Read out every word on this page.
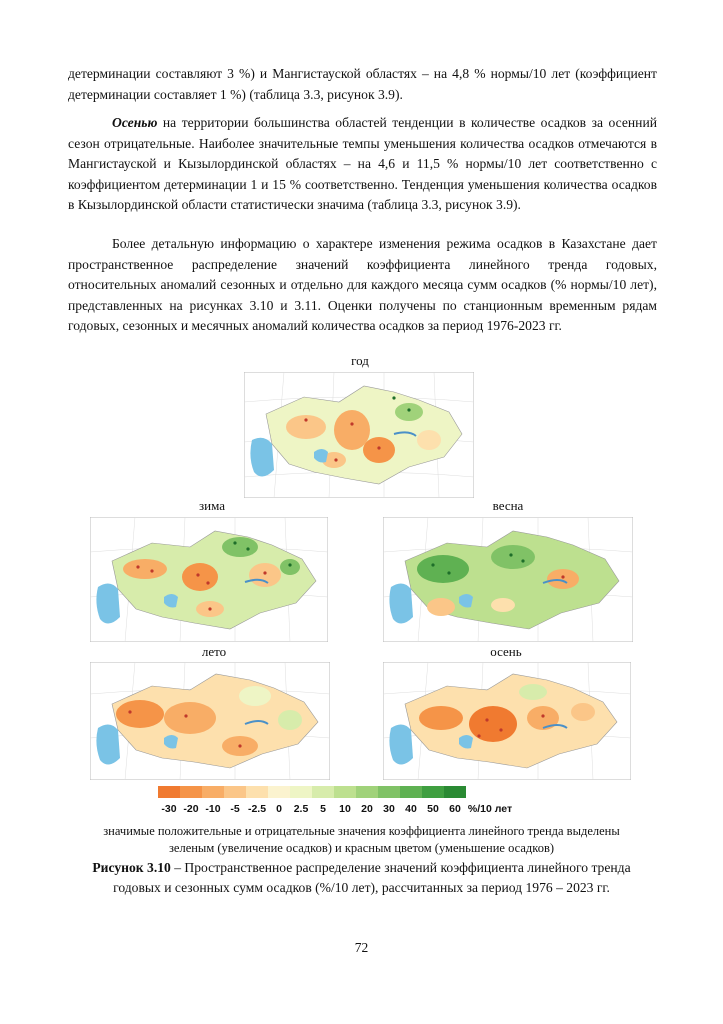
детерминации составляют 3 %) и Мангистауской областях – на 4,8 % нормы/10 лет (коэффициент детерминации составляет 1 %) (таблица 3.3, рисунок 3.9).

Осенью на территории большинства областей тенденции в количестве осадков за осенний сезон отрицательные. Наиболее значительные темпы уменьшения количества осадков отмечаются в Мангистауской и Кызылординской областях – на 4,6 и 11,5 % нормы/10 лет соответственно с коэффициентом детерминации 1 и 15 % соответственно. Тенденция уменьшения количества осадков в Кызылординской области статистически значима (таблица 3.3, рисунок 3.9).

Более детальную информацию о характере изменения режима осадков в Казахстане дает пространственное распределение значений коэффициента линейного тренда годовых, относительных аномалий сезонных и отдельно для каждого месяца сумм осадков (% нормы/10 лет), представленных на рисунках 3.10 и 3.11. Оценки получены по станционным временным рядам годовых, сезонных и месячных аномалий количества осадков за период 1976-2023 гг.

год
зима	весна
лето	осень
-30 -20 -10 -5 -2.5 0 2.5 5 10 20 30 40 50 60 %/10 лет
значимые положительные и отрицательные значения коэффициента линейного тренда выделены зеленым (увеличение осадков) и красным цветом (уменьшение осадков)
Рисунок 3.10 – Пространственное распределение значений коэффициента линейного тренда годовых и сезонных сумм осадков (%/10 лет), рассчитанных за период 1976 – 2023 гг.
72
